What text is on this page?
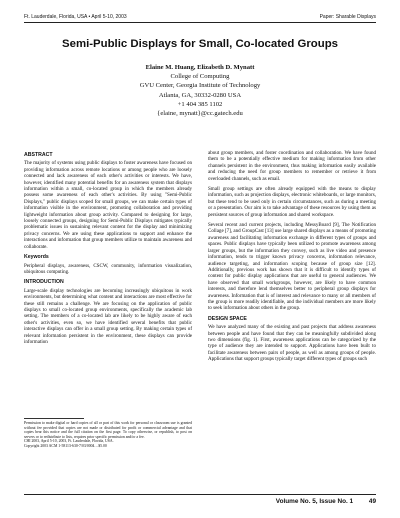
Ft. Lauderdale, Florida, USA • April 5-10, 2003	Paper: Sharable Displays
Semi-Public Displays for Small, Co-located Groups
Elaine M. Huang, Elizabeth D. Mynatt
College of Computing
GVU Center, Georgia Institute of Technology
Atlanta, GA, 30332-0280 USA
+1 404 385 1102
{elaine, mynatt}@cc.gatech.edu
ABSTRACT

The majority of systems using public displays to foster awareness have focused on providing information across remote locations or among people who are loosely connected and lack awareness of each other's activities or interests. We have, however, identified many potential benefits for an awareness system that displays information within a small, co-located group in which the members already possess some awareness of each other's activities. By using "Semi-Public Displays," public displays scoped for small groups, we can make certain types of information visible in the environment, promoting collaboration and providing lightweight information about group activity. Compared to designing for large, loosely connected groups, designing for Semi-Public Displays mitigates typically problematic issues in sustaining relevant content for the display and minimizing privacy concerns. We are using these applications to support and enhance the interactions and information that group members utilize to maintain awareness and collaborate.

Keywords

Peripheral displays, awareness, CSCW, community, information visualization, ubiquitous computing.

INTRODUCTION

Large-scale display technologies are becoming increasingly ubiquitous in work environments, but determining what content and interactions are most effective for these still remains a challenge. We are focusing on the application of public displays to small co-located group environments, specifically the academic lab setting. The members of a co-located lab are likely to be highly aware of each other's activities, even so, we have identified several benefits that public interactive displays can offer in a small group setting. By making certain types of relevant information persistent in the environment, these displays can provide information

Permission to make digital or hard copies of all or part of this work for personal or classroom use is granted without fee provided that copies are not made or distributed for profit or commercial advantage and that copies bear this notice and the full citation on the first page. To copy otherwise, or republish, to post on servers or to redistribute to lists, requires prior specific permission and/or a fee.

CHI 2003, April 5-10, 2003, Ft. Lauderdale, Florida, USA.

Copyright 2003 ACM 1-58113-630-7/03/0004…$5.00

about group members, and foster coordination and collaboration. We have found them to be a potentially effective medium for making information from other channels persistent in the environment, thus making information easily available and reducing the need for group members to remember or retrieve it from overloaded channels, such as email.

Small group settings are often already equipped with the means to display information, such as projection displays, electronic whiteboards, or large monitors, but these tend to be used only in certain circumstances, such as during a meeting or a presentation. Our aim is to take advantage of these resources by using them as persistent sources of group information and shared workspace.

Several recent and current projects, including MessyBoard [9], The Notification Collage [7], and GroupCast [13] use large shared displays as a means of promoting awareness and facilitating information exchange in different types of groups and spaces. Public displays have typically been utilized to promote awareness among larger groups, but the information they convey, such as live video and presence information, tends to trigger known privacy concerns, information relevance, audience targeting, and information scoping because of group size [12]. Additionally, previous work has shown that it is difficult to identify types of content for public display applications that are useful to general audiences. We have observed that small workgroups, however, are likely to have common interests, and therefore lend themselves better to peripheral group displays for awareness. Information that is of interest and relevance to many or all members of the group is more readily identifiable, and the individual members are more likely to seek information about others in the group.

DESIGN SPACE

We have analyzed many of the existing and past projects that address awareness between people and have found that they can be meaningfully subdivided along two dimensions (fig. 1). First, awareness applications can be categorized by the type of audience they are intended to support. Applications have been built to facilitate awareness between pairs of people, as well as among groups of people. Applications that support groups typically target different types of groups such

Volume No. 5, Issue No. 1 49
